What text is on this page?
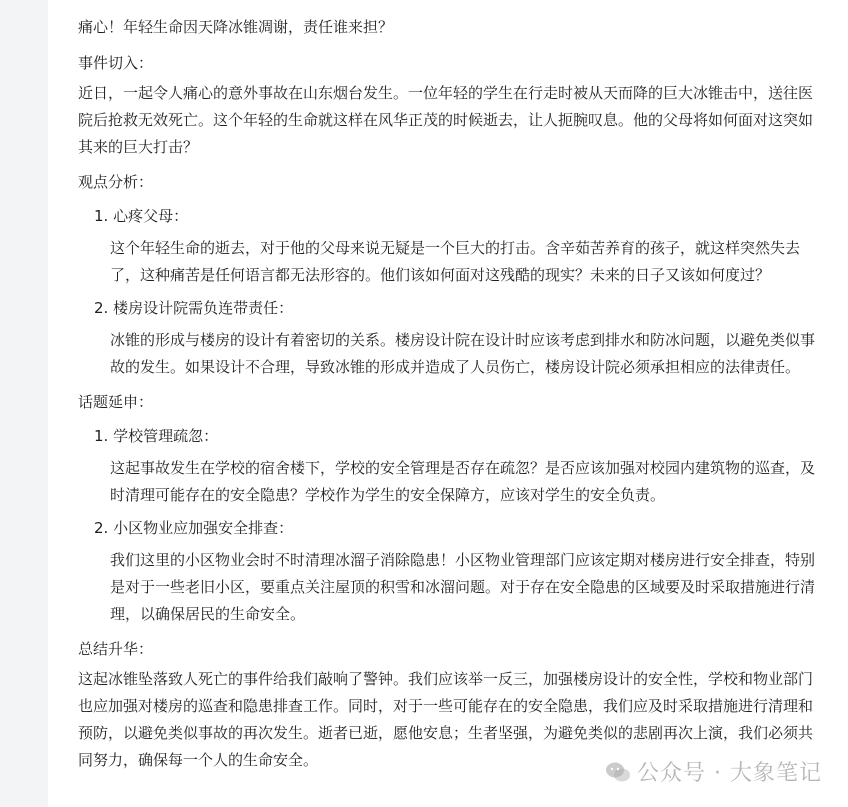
痛心！年轻生命因天降冰锥凋谢，责任谁来担？

事件切入：

近日，一起令人痛心的意外事故在山东烟台发生。一位年轻的学生在行走时被从天而降的巨大冰锥击中，送往医院后抢救无效死亡。这个年轻的生命就这样在风华正茂的时候逝去，让人扼腕叹息。他的父母将如何面对这突如其来的巨大打击？

观点分析：

1. 心疼父母：

这个年轻生命的逝去，对于他的父母来说无疑是一个巨大的打击。含辛茹苦养育的孩子，就这样突然失去了，这种痛苦是任何语言都无法形容的。他们该如何面对这残酷的现实？未来的日子又该如何度过？

2. 楼房设计院需负连带责任：

冰锥的形成与楼房的设计有着密切的关系。楼房设计院在设计时应该考虑到排水和防冰问题，以避免类似事故的发生。如果设计不合理，导致冰锥的形成并造成了人员伤亡，楼房设计院必须承担相应的法律责任。

话题延申：

1. 学校管理疏忽：

这起事故发生在学校的宿舍楼下，学校的安全管理是否存在疏忽？是否应该加强对校园内建筑物的巡查，及时清理可能存在的安全隐患？学校作为学生的安全保障方，应该对学生的安全负责。

2. 小区物业应加强安全排查：

我们这里的小区物业会时不时清理冰溜子消除隐患！小区物业管理部门应该定期对楼房进行安全排查，特别是对于一些老旧小区，要重点关注屋顶的积雪和冰溜问题。对于存在安全隐患的区域要及时采取措施进行清理，以确保居民的生命安全。

总结升华：

这起冰锥坠落致人死亡的事件给我们敲响了警钟。我们应该举一反三，加强楼房设计的安全性，学校和物业部门也应加强对楼房的巡查和隐患排查工作。同时，对于一些可能存在的安全隐患，我们应及时采取措施进行清理和预防，以避免类似事故的再次发生。逝者已逝，愿他安息；生者坚强，为避免类似的悲剧再次上演，我们必须共同努力，确保每一个人的生命安全。

公众号 · 大象笔记
